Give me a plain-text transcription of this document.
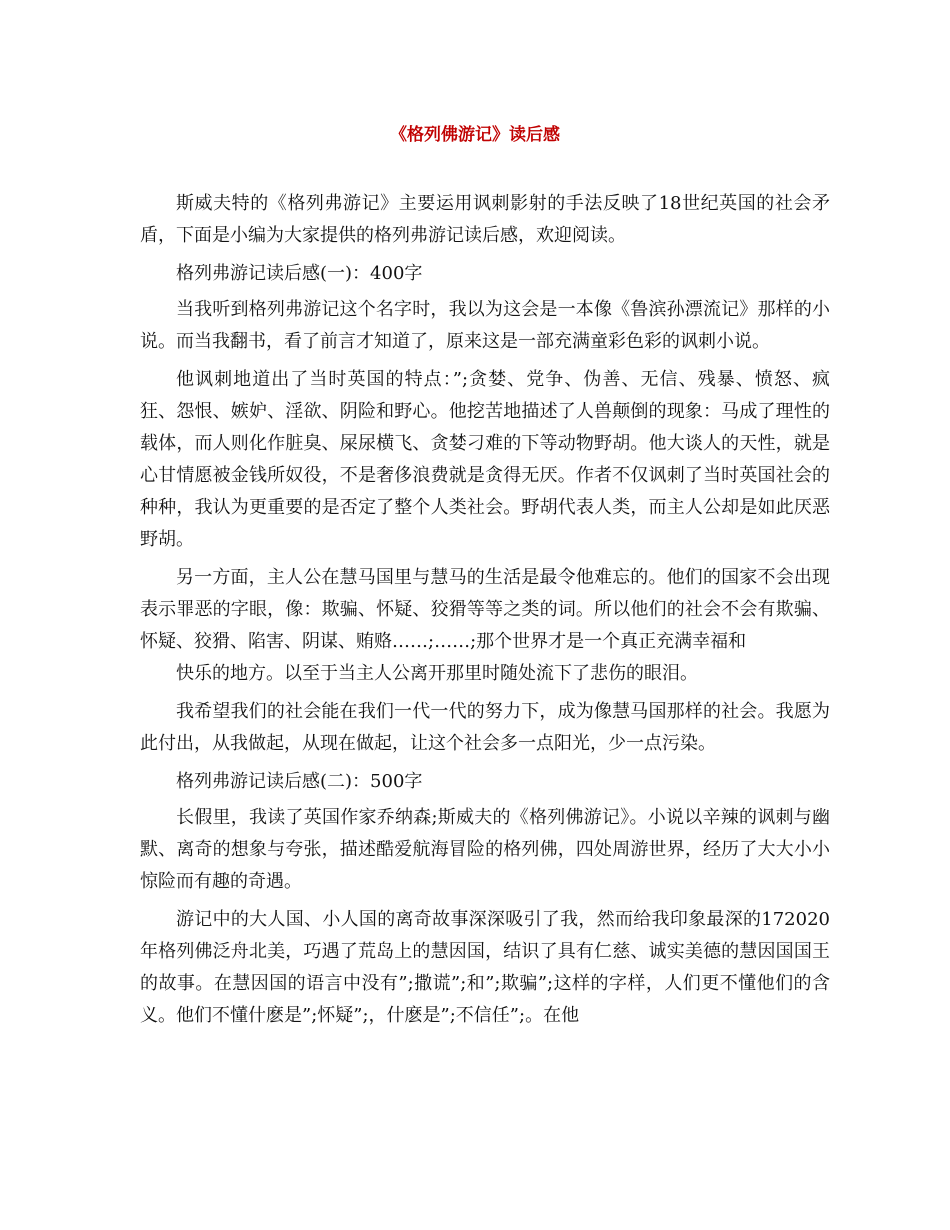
《格列佛游记》读后感

斯威夫特的《格列弗游记》主要运用讽刺影射的手法反映了18世纪英国的社会矛盾，下面是小编为大家提供的格列弗游记读后感，欢迎阅读。

格列弗游记读后感(一)：400字

当我听到格列弗游记这个名字时，我以为这会是一本像《鲁滨孙漂流记》那样的小说。而当我翻书，看了前言才知道了，原来这是一部充满童彩色彩的讽刺小说。

他讽刺地道出了当时英国的特点：”;贪婪、党争、伪善、无信、残暴、愤怒、疯狂、怨恨、嫉妒、淫欲、阴险和野心。他挖苦地描述了人兽颠倒的现象：马成了理性的载体，而人则化作脏臭、屎尿横飞、贪婪刁难的下等动物野胡。他大谈人的天性，就是心甘情愿被金钱所奴役，不是奢侈浪费就是贪得无厌。作者不仅讽刺了当时英国社会的种种，我认为更重要的是否定了整个人类社会。野胡代表人类，而主人公却是如此厌恶野胡。

另一方面，主人公在慧马国里与慧马的生活是最令他难忘的。他们的国家不会出现表示罪恶的字眼，像：欺骗、怀疑、狡猾等等之类的词。所以他们的社会不会有欺骗、怀疑、狡猾、陷害、阴谋、贿赂……;……;那个世界才是一个真正充满幸福和

快乐的地方。以至于当主人公离开那里时随处流下了悲伤的眼泪。

我希望我们的社会能在我们一代一代的努力下，成为像慧马国那样的社会。我愿为此付出，从我做起，从现在做起，让这个社会多一点阳光，少一点污染。

格列弗游记读后感(二)：500字

长假里，我读了英国作家乔纳森;斯威夫的《格列佛游记》。小说以辛辣的讽刺与幽默、离奇的想象与夸张，描述酷爱航海冒险的格列佛，四处周游世界，经历了大大小小惊险而有趣的奇遇。

游记中的大人国、小人国的离奇故事深深吸引了我，然而给我印象最深的172020年格列佛泛舟北美，巧遇了荒岛上的慧因国，结识了具有仁慈、诚实美德的慧因国国王的故事。在慧因国的语言中没有”;撒谎”;和”;欺骗”;这样的字样，人们更不懂他们的含义。他们不懂什麽是”;怀疑”;，什麽是”;不信任”;。在他
